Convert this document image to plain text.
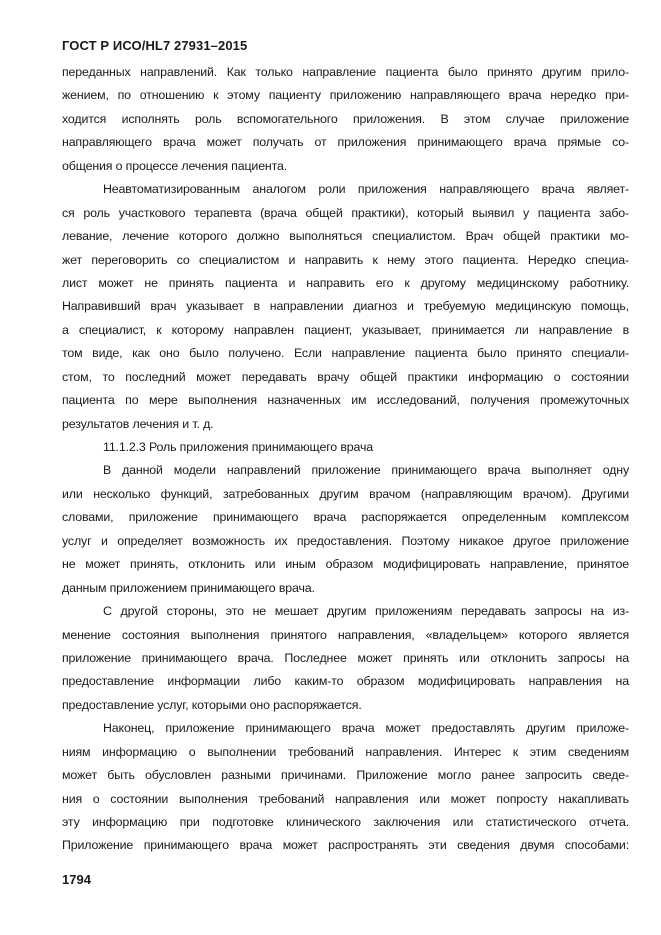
ГОСТ Р ИСО/HL7 27931–2015
переданных направлений. Как только направление пациента было принято другим прило-
жением, по отношению к этому пациенту приложению направляющего врача нередко при-
ходится исполнять роль вспомогательного приложения. В этом случае приложение
направляющего врача может получать от приложения принимающего врача прямые со-
общения о процессе лечения пациента.
Неавтоматизированным аналогом роли приложения направляющего врача являет-
ся роль участкового терапевта (врача общей практики), который выявил у пациента забо-
левание, лечение которого должно выполняться специалистом. Врач общей практики мо-
жет переговорить со специалистом и направить к нему этого пациента. Нередко специа-
лист может не принять пациента и направить его к другому медицинскому работнику.
Направивший врач указывает в направлении диагноз и требуемую медицинскую помощь,
а специалист, к которому направлен пациент, указывает, принимается ли направление в
том виде, как оно было получено. Если направление пациента было принято специали-
стом, то последний может передавать врачу общей практики информацию о состоянии
пациента по мере выполнения назначенных им исследований, получения промежуточных
результатов лечения и т. д.
11.1.2.3 Роль приложения принимающего врача
В данной модели направлений приложение принимающего врача выполняет одну
или несколько функций, затребованных другим врачом (направляющим врачом). Другими
словами, приложение принимающего врача распоряжается определенным комплексом
услуг и определяет возможность их предоставления. Поэтому никакое другое приложение
не может принять, отклонить или иным образом модифицировать направление, принятое
данным приложением принимающего врача.
С другой стороны, это не мешает другим приложениям передавать запросы на из-
менение состояния выполнения принятого направления, «владельцем» которого является
приложение принимающего врача. Последнее может принять или отклонить запросы на
предоставление информации либо каким-то образом модифицировать направления на
предоставление услуг, которыми оно распоряжается.
Наконец, приложение принимающего врача может предоставлять другим приложе-
ниям информацию о выполнении требований направления. Интерес к этим сведениям
может быть обусловлен разными причинами. Приложение могло ранее запросить сведе-
ния о состоянии выполнения требований направления или может попросту накапливать
эту информацию при подготовке клинического заключения или статистического отчета.
Приложение принимающего врача может распространять эти сведения двумя способами:
1794
